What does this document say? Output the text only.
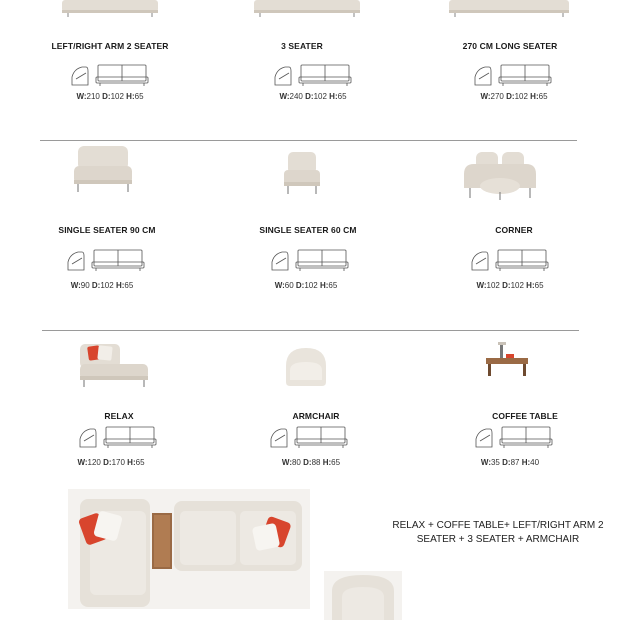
LEFT/RIGHT ARM 2 SEATER	3 SEATER	270 CM LONG SEATER
W:210 D:102 H:65	W:240 D:102 H:65	W:270 D:102 H:65
SINGLE SEATER 90 CM	SINGLE SEATER 60 CM	CORNER
W:90 D:102 H:65	W:60 D:102 H:65	W:102 D:102 H:65
RELAX	ARMCHAIR	COFFEE TABLE
W:120 D:170 H:65	W:80 D:88 H:65	W:35 D:87 H:40
RELAX + COFFE TABLE+ LEFT/RIGHT ARM 2
SEATER + 3 SEATER + ARMCHAIR
